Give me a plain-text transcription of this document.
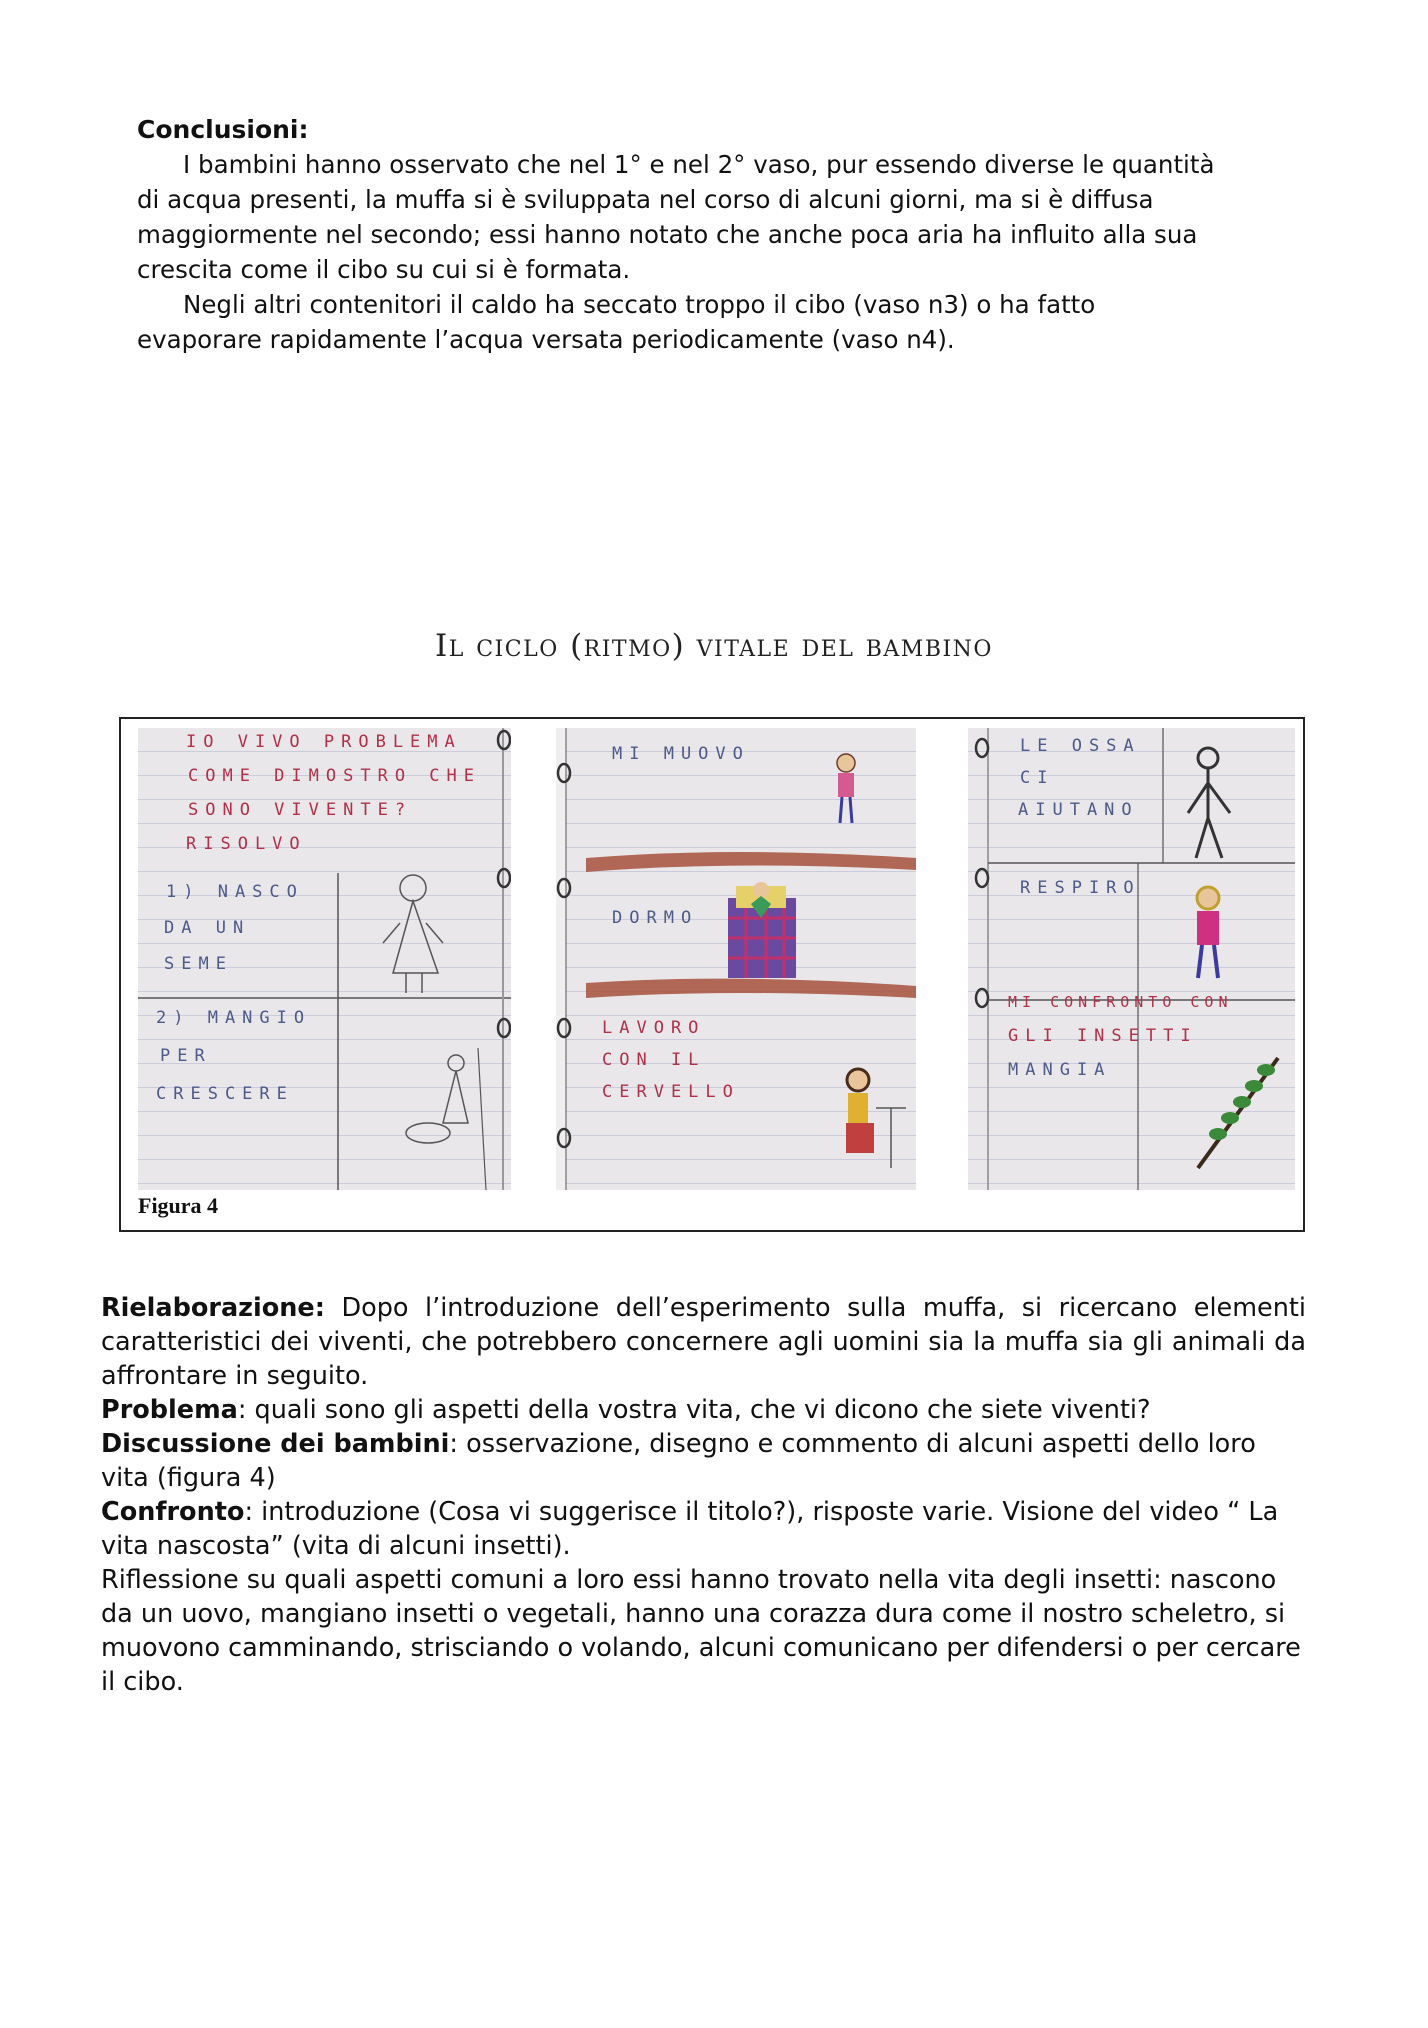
Conclusioni:

I bambini hanno osservato che nel 1° e nel 2° vaso, pur essendo diverse le quantità

di acqua presenti, la muffa si è sviluppata nel corso di alcuni giorni, ma si è diffusa

maggiormente nel secondo; essi hanno notato che anche poca aria ha influito alla sua

crescita come il cibo su cui si è formata.

Negli altri contenitori il caldo ha seccato troppo il cibo (vaso n3) o ha fatto

evaporare rapidamente l’acqua versata periodicamente (vaso n4).

Il ciclo (ritmo) vitale del bambino
IO VIVO PROBLEMA
COME DIMOSTRO CHE
SONO VIVENTE?
RISOLVO
1) NASCO
DA UN
SEME
2) MANGIO
PER
CRESCERE
MI MUOVO
DORMO
LAVORO
CON IL
CERVELLO
LE OSSA
CI
AIUTANO
RESPIRO
MI CONFRONTO CON
GLI INSETTI
MANGIA
Figura 4

Rielaborazione: Dopo l’introduzione dell’esperimento sulla muffa, si ricercano elementi caratteristici dei viventi, che potrebbero concernere agli uomini sia la muffa sia gli animali da affrontare in seguito.

Problema: quali sono gli aspetti della vostra vita, che vi dicono che siete viventi?

Discussione dei bambini: osservazione, disegno e commento di alcuni aspetti dello loro vita (figura 4)

Confronto: introduzione (Cosa vi suggerisce il titolo?), risposte varie. Visione del video “ La vita nascosta” (vita di alcuni insetti).

Riflessione su quali aspetti comuni a loro essi hanno trovato nella vita degli insetti: nascono da un uovo, mangiano insetti o vegetali, hanno una corazza dura come il nostro scheletro, si muovono camminando, strisciando o volando, alcuni comunicano per difendersi o per cercare il cibo.
